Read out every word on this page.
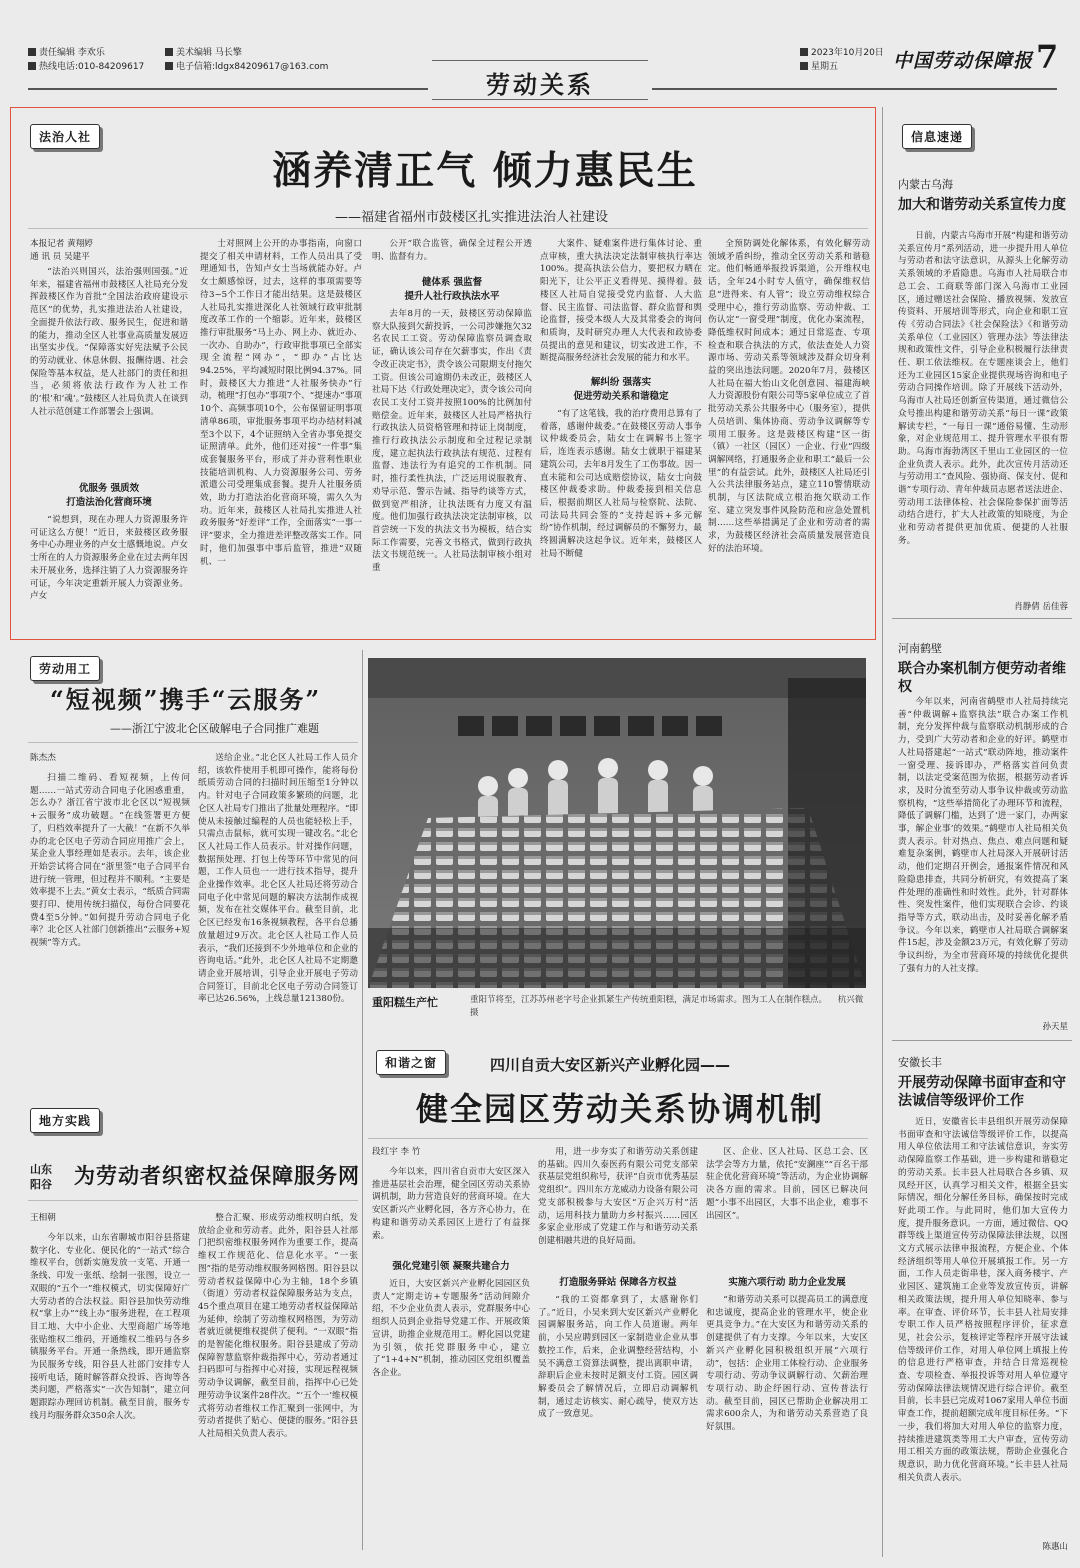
责任编辑 李欢乐
热线电话:010-84209617
美术编辑 马长擎
电子信箱:ldgx84209617@163.com
劳动关系
2023年10月20日
星期五	中国劳动保障报 7
法治人社
涵养清正气 倾力惠民生
——福建省福州市鼓楼区扎实推进法治人社建设
本报记者 黄翔婷
通 讯 员 吴建平
“法治兴则国兴，法治强则国强。”近年来，福建省福州市鼓楼区人社局充分发挥鼓楼区作为首批“全国法治政府建设示范区”的优势，扎实推进法治人社建设，全面提升依法行政、服务民生，促进和谐的能力，推动全区人社事业高质量发展迈出坚实步伐。“保障落实好宪法赋予公民的劳动就业、休息休假、报酬待遇、社会保险等基本权益，是人社部门的责任和担当，必须将依法行政作为人社工作的‘根’和‘魂’。”鼓楼区人社局负责人在谈到人社示范创建工作部署会上强调。
优服务 强质效
打造法治化营商环境
“说想到，现在办理人力资源服务许可证这么方便！”近日，来鼓楼区政务服务中心办理业务的卢女士感慨地说。卢女士所在的人力资源服务企业在过去两年因未开展业务，选择注销了人力资源服务许可证，今年决定重新开展人力资源业务。卢女
士对照网上公开的办事指南，向窗口提交了相关申请材料，工作人员出具了受理通知书，告知卢女士当场就能办好。卢女士颇感惊讶，过去，这样的事项需要等待3~5个工作日才能出结果。这是鼓楼区人社局扎实推进深化人社领域行政审批制度改革工作的一个缩影。近年来，鼓楼区推行审批服务“马上办、网上办、就近办、一次办、自助办”，行政审批事项已全部实现全流程“网办”，“即办”占比达94.25%，平均减短时限比例94.37%。同时，鼓楼区大力推进“人社服务快办”行动，梳理“打包办”事项7个、“提速办”事项10个、高频事项10个，公布保留证明事项清单86项，审批服务事项平均办结材料减至3个以下，4个证照纳入全省办事免提交证照清单。此外，他们还对接“一件事”集成套餐服务平台，形成了并办营利性职业技能培训机构、人力资源服务公司、劳务派遣公司受理集成套餐。提升人社服务质效，助力打造法治化营商环境，需久久为功。近年来，鼓楼区人社局扎实推进人社政务服务“好差评”工作，全面落实“一事一评”要求，全力推进差评整改落实工作。同时，他们加强事中事后监管，推进“双随机、一
公开”联合监管，确保全过程公开透明、监督有力。
健体系 强监督
提升人社行政执法水平
去年8月的一天，鼓楼区劳动保障监察大队接到欠薪投诉，一公司涉嫌拖欠32名农民工工资。劳动保障监察员调查取证，确认该公司存在欠薪事实，作出《责令改正决定书》，责令该公司限期支付拖欠工资。但该公司逾期仍未改正，鼓楼区人社局下达《行政处理决定》，责令该公司向农民工支付工资并按照100%的比例加付赔偿金。近年来，鼓楼区人社局严格执行行政执法人员资格管理和持证上岗制度，推行行政执法公示制度和全过程记录制度，建立起执法行政执法有规范、过程有监督、违法行为有追究的工作机制。同时，推行柔性执法，广泛运用说服教育、劝导示范、警示告诫、指导约谈等方式，做到宽严相济，让执法既有力度又有温度。他们加强行政执法决定法制审核，以首尝统一下发的执法文书为模板，结合实际工作需要，完善文书格式，做到行政执法文书规范统一。人社局法制审核小组对重
大案件、疑难案件进行集体讨论、重点审核，重大执法决定法制审核执行率达100%。提高执法公信力，要把权力晒在阳光下，让公平正义看得见、摸得着。鼓楼区人社局自觉接受党内监督、人大监督、民主监督、司法监督、群众监督和舆论监督，接受本级人大及其常委会的询问和质询，及时研究办理人大代表和政协委员提出的意见和建议，切实改进工作，不断提高服务经济社会发展的能力和水平。
解纠纷 强落实
促进劳动关系和谐稳定
“有了这笔钱，我的治疗费用总算有了着落，感谢仲裁委。”在鼓楼区劳动人事争议仲裁委员会，陆女士在调解书上签字后，连连表示感谢。陆女士就职于福建某建筑公司，去年8月发生了工伤事故。因一直未能和公司达成赔偿协议，陆女士向鼓楼区仲裁委求助。仲裁委接到相关信息后，根据前期区人社局与检察院、法院、司法局共同会签的“支持起诉+多元解纷”协作机制，经过调解员的不懈努力，最终圆满解决这起争议。近年来，鼓楼区人社局不断健
全预防调处化解体系，有效化解劳动领域矛盾纠纷，推动全区劳动关系和谐稳定。他们畅通举报投诉渠道，公开维权电话，全年24小时专人值守，确保维权信息“进得来、有人管”；设立劳动维权综合受理中心，推行劳动监察、劳动仲裁、工伤认定“一窗受理”制度，优化办案流程，降低维权时间成本；通过日常巡查、专项检查和联合执法的方式，依法查处人力资源市场、劳动关系等领域涉及群众切身利益的突出违法问题。2020年7月，鼓楼区人社局在福大怡山文化创意园、福建海峡人力资源股份有限公司等5家单位成立了首批劳动关系公共服务中心（服务室），提供人员培训、集体协商、劳动争议调解等专项用工服务。这是鼓楼区构建“区一街（镇）一社区（园区）一企业、行业”四级调解网络，打通服务企业和职工“最后一公里”的有益尝试。此外，鼓楼区人社局还引入公共法律服务站点，建立110警情联动机制，与区法院成立根治拖欠联动工作室、建立突发事件风险防范和应急处置机制……这些举措满足了企业和劳动者的需求，为鼓楼区经济社会高质量发展营造良好的法治环境。
信息速递
内蒙古乌海
加大和谐劳动关系宣传力度
日前，内蒙古乌海市开展“构建和谐劳动关系宣传月”系列活动，进一步提升用人单位与劳动者和法守法意识，从源头上化解劳动关系领域的矛盾隐患。乌海市人社局联合市总工会、工商联等部门深入乌海市工业园区，通过赠送社会保险、播放视频、发放宣传资料、开展培训等形式，向企业和职工宣传《劳动合同法》《社会保险法》《和谐劳动关系单位（工业园区）管理办法》等法律法规和政策性文件，引导企业积极履行法律责任、职工依法维权。在专题座谈会上，他们还为工业园区15家企业提供现场咨询和电子劳动合同操作培训。除了开展线下活动外，乌海市人社局还创新宣传渠道，通过微信公众号推出构建和谐劳动关系“每日一课”政策解读专栏，“一每日一课”通俗易懂、生动形象，对企业规范用工、提升管理水平很有帮助。乌海市海勃湾区千里山工业园区的一位企业负责人表示。此外，此次宣传月活动还与劳动用工“查风险、强协商、保支付、促和谐”专项行动、青年仲裁员志愿者送法进企、劳动用工法律体检、社会保险参保扩面等活动结合进行，扩大人社政策的知晓度，为企业和劳动者提供更加优质、便捷的人社服务。
肖静倩 岳佳蓉
河南鹤壁
联合办案机制方便劳动者维权
今年以来，河南省鹤壁市人社局持续完善“仲裁调解+监察执法”联合办案工作机制，充分发挥仲裁与监察联动机制形成的合力，受到广大劳动者和企业的好评。鹤壁市人社局搭建起“一站式”联动阵地，推动案件一窗受理、接诉即办，严格落实首问负责制，以法定受案范围为依据，根据劳动者诉求，及时分流至劳动人事争议仲裁或劳动监察机构，“这些举措简化了办理环节和流程，降低了调解门槛，达到了‘进一家门，办两家事，解企业事’的效果。”鹤壁市人社局相关负责人表示。针对热点、焦点、难点问题和疑难复杂案例，鹤壁市人社局深入开展研讨活动，他们定期召开例会，通报案件情况和风险隐患排查，共同分析研究，有效提高了案件处理的准确性和时效性。此外，针对群体性、突发性案件，他们实现联合会诊、约谈指导等方式，联动出击，及时妥善化解矛盾争议。今年以来，鹤壁市人社局联合调解案件15起，涉及金额23万元，有效化解了劳动争议纠纷，为全市营商环境的持续优化提供了强有力的人社支撑。
孙天星
安徽长丰
开展劳动保障书面审查和守法诚信等级评价工作
近日，安徽省长丰县组织开展劳动保障书面审查和守法诚信等级评价工作，以提高用人单位依法用工和守法诚信意识，夯实劳动保障监察工作基础，进一步构建和谐稳定的劳动关系。长丰县人社局联合各乡镇、双凤经开区，认真学习相关文件，根据全县实际情况，细化分解任务目标，确保按时完成好此项工作。与此同时，他们加大宣传力度，提升服务意识。一方面，通过微信、QQ群等线上渠道宣传劳动保障法律法规，以图文方式展示法律申报流程，方便企业、个体经济组织等用人单位开展填报工作。另一方面，工作人员走街串巷，深入商务楼宇、产业园区、建筑施工企业等发放宣传页，讲解相关政策法规，提升用人单位知晓率、参与率。在审查、评价环节，长丰县人社局安排专职工作人员严格按照程序评价，征求意见，社会公示，复核评定等程序开展守法诚信等级评价工作，对用人单位网上填报上传的信息进行严格审查，并结合日常巡视检查、专项检查、举报投诉等对用人单位遵守劳动保障法律法规情况进行综合评价。截至目前，长丰县已完成对1067家用人单位书面审查工作，提前超额完成年度目标任务。“下一步，我们将加大对用人单位的监察力度，持续推进建筑类等用工大户审查，宣传劳动用工相关方面的政策法规，帮助企业强化合规意识，助力优化营商环境。”长丰县人社局相关负责人表示。
陈惠山
劳动用工
“短视频”携手“云服务”
——浙江宁波北仑区破解电子合同推广难题
陈杰杰
扫描二维码、看短视频，上传问题……一站式劳动合同电子化困惑重重，怎么办？浙江省宁波市北仑区以“短视频+云服务”成功破题。“在线签署更方便了，归档效率提升了一大截！”在新不久举办的北仑区电子劳动合同应用推广会上，某企业人事经理如是表示。去年，该企业开始尝试将合同在“浙里签”电子合同平台进行统一管理，但过程并不顺利。“主要是效率提不上去。”黄女士表示，“纸质合同需要打印、使用传统扫描仪，每份合同要花费4至5分钟。”如何提升劳动合同电子化率？北仑区人社部门创新推出“云服务+短视频”等方式。
送给企业。”北仑区人社局工作人员介绍，该软件使用手机即可操作，能将每份纸质劳动合同的扫描时间压缩至1分钟以内。针对电子合同政策多繁琐的问题，北仑区人社局专门推出了批量处理程序。“即使从未接触过编程的人员也能轻松上手，只需点击鼠标，就可实现一键改名。”北仑区人社局工作人员表示。针对操作问题，数据预处理、打包上传等环节中常见的问题，工作人员也一一进行技术指导，提升企业操作效率。北仑区人社局还将劳动合同电子化中常见问题的解决方法制作成视频，发布在社交媒体平台。截至目前，北仑区已经发布16条视频教程，各平台总播放量超过9万次。北仑区人社局工作人员表示，“我们还接到不少外地单位和企业的咨询电话。”此外，北仑区人社局不定期邀请企业开展培训，引导企业开展电子劳动合同签订，目前北仑区电子劳动合同签订率已达26.56%，上线总量121380份。	重阳糕生产忙	重阳节将至，江苏苏州老字号企业抓紧生产传统重阳糕，满足市场需求。图为工人在制作糕点。 杭兴微 摄
和谐之窗	四川自贡大安区新兴产业孵化园——
健全园区劳动关系协调机制
段红宇 李 竹
今年以来，四川省自贡市大安区深入推进基层社会治理，健全园区劳动关系协调机制，助力营造良好的营商环境。在大安区新兴产业孵化园，各方齐心协力，在构建和谐劳动关系园区上进行了有益探索。
强化党建引领 凝聚共建合力
近日，大安区新兴产业孵化园园区负责人“定期走访+专题服务”活动间隙介绍，不少企业负责人表示，党群服务中心组织人员到企业指导党建工作、开展政策宣讲，助推企业规范用工。孵化园以党建为引领，依托党群服务中心，建立了“1+4+N”机制，推动园区党组织覆盖各企业。
用，进一步夯实了和谐劳动关系创建的基础。四川久泰医药有限公司党支部荣获基层党组织称号，获评“自贡市优秀基层党组织”。四川东方龙威动力设备有限公司党支部积极参与大安区“万企兴万村”活动，运用科技力量助力乡村振兴……园区多家企业形成了党建工作与和谐劳动关系创建相融共进的良好局面。
打造服务驿站 保障各方权益
“我的工资都拿到了，太感谢你们了。”近日，小吴来到大安区新兴产业孵化园调解服务站，向工作人员道谢。两年前，小吴应聘到园区一家制造业企业从事数控工作，后来，企业调整经营结构，小吴不满意工资算法调整，提出离职申请，辞职后企业未按时足额支付工资。园区调解委员会了解情况后，立即启动调解机制，通过走访核实、耐心疏导，使双方达成了一致意见。
区、企业、区人社局、区总工会、区法学会等方力量，依托“安澜座”“百名干部驻企优化营商环境”等活动，为企业协调解决各方面的需求。目前，园区已解决问题“小事不出园区，大事不出企业，难事不出园区”。
实施六项行动 助力企业发展
“和谐劳动关系可以提高员工的满意度和忠诚度，提高企业的管理水平，使企业更具竞争力。”在大安区为和谐劳动关系的创建提供了有力支撑。今年以来，大安区新兴产业孵化园积极组织开展“六项行动”，包括：企业用工体检行动、企业服务专项行动、劳动争议调解行动、欠薪治理专项行动、助企纾困行动、宣传普法行动。截至目前，园区已帮助企业解决用工需求600余人，为和谐劳动关系营造了良好氛围。
地方实践
山东
阳谷 为劳动者织密权益保障服务网
王相朝
今年以来，山东省聊城市阳谷县搭建数字化、专业化、便民化的“一站式”综合维权平台，创新实施发放一支笔、开通一条线、印发一张纸、绘制一张图，设立一双眼的“五个一”维权模式，切实保障好广大劳动者的合法权益。阳谷县加快劳动维权“掌上办”“线上办”服务进程，在工程项目工地、大中小企业、大型商超广场等地张贴维权二维码，开通维权二维码与各乡镇服务平台。开通一条热线，即开通监察为民服务专线，阳谷县人社部门安排专人接听电话，随时解答群众投诉、咨询等各类问题，严格落实“一次告知制”，建立问题跟踪办理回访机制。截至目前，服务专线月均服务群众350余人次。
整合汇聚、形成劳动维权明白纸，发放给企业和劳动者。此外，阳谷县人社部门把织密维权服务网作为重要工作，提高维权工作规范化、信息化水平。“一张图”指的是劳动维权服务网格图。阳谷县以劳动者权益保障中心为主轴，18个乡镇（街道）劳动者权益保障服务站为支点，45个重点项目在建工地劳动者权益保障站为延伸，绘制了劳动维权网格图，为劳动者就近就便维权提供了便利。“一双眼”指的是智能化维权服务。阳谷县建成了劳动保障智慧监察仲裁指挥中心，劳动者通过扫码即可与指挥中心对接，实现远程视频劳动争议调解，截至目前，指挥中心已处理劳动争议案件28件次。“‘五个一’维权模式将劳动者维权工作汇聚到一张网中，为劳动者提供了贴心、便捷的服务。”阳谷县人社局相关负责人表示。
